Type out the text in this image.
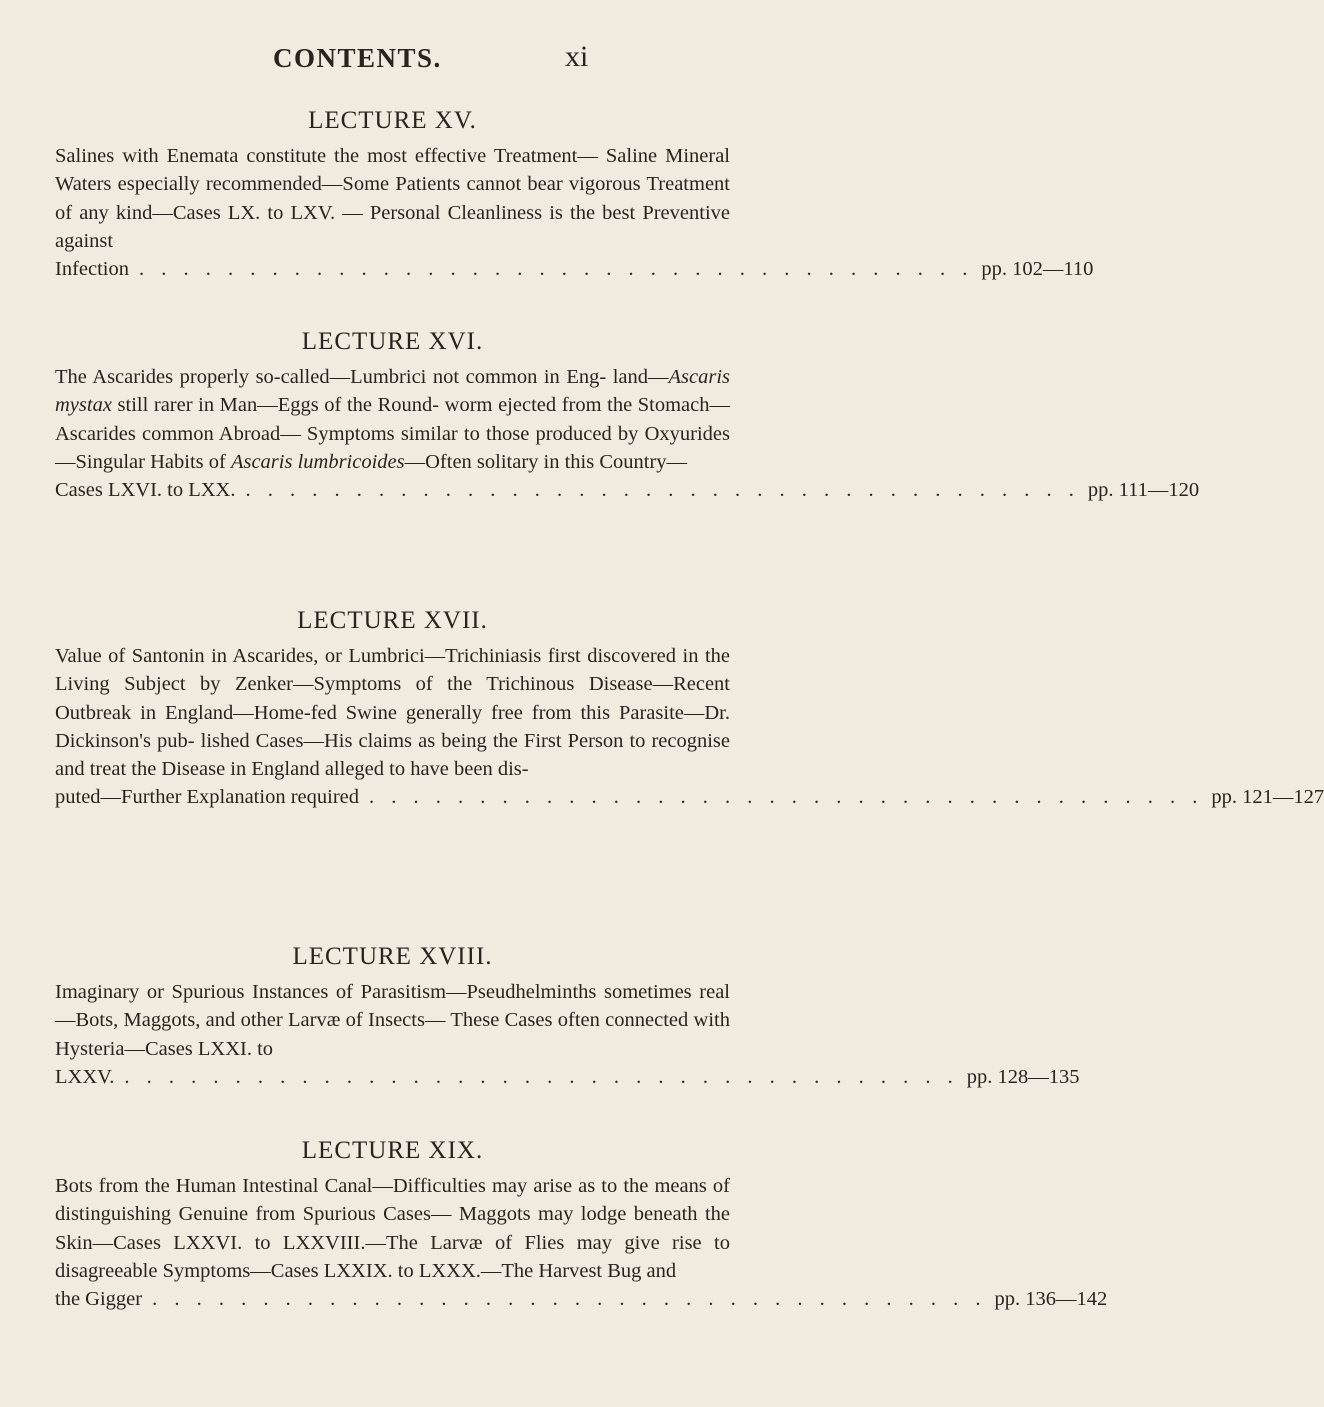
CONTENTS.	xi
LECTURE XV.

Salines with Enemata constitute the most effective Treatment— Saline Mineral Waters especially recommended—Some Patients cannot bear vigorous Treatment of any kind—Cases LX. to LXV. — Personal Cleanliness is the best Preventive against

Infection . . . . . . . . . . . . . . . . . . . . . . . . . . . . . . . . . . . . . . pp. 102—110
LECTURE XVI.

The Ascarides properly so-called—Lumbrici not common in Eng- land—Ascaris mystax still rarer in Man—Eggs of the Round- worm ejected from the Stomach—Ascarides common Abroad— Symptoms similar to those produced by Oxyurides—Singular Habits of Ascaris lumbricoides—Often solitary in this Country—

Cases LXVI. to LXX. . . . . . . . . . . . . . . . . . . . . . . . . . . . . . . . . . . . . . . pp. 111—120
LECTURE XVII.

Value of Santonin in Ascarides, or Lumbrici—Trichiniasis first discovered in the Living Subject by Zenker—Symptoms of the Trichinous Disease—Recent Outbreak in England—Home-fed Swine generally free from this Parasite—Dr. Dickinson's pub- lished Cases—His claims as being the First Person to recognise and treat the Disease in England alleged to have been dis-

puted—Further Explanation required . . . . . . . . . . . . . . . . . . . . . . . . . . . . . . . . . . . . . . pp. 121—127
LECTURE XVIII.

Imaginary or Spurious Instances of Parasitism—Pseudhelminths sometimes real—Bots, Maggots, and other Larvæ of Insects— These Cases often connected with Hysteria—Cases LXXI. to

LXXV. . . . . . . . . . . . . . . . . . . . . . . . . . . . . . . . . . . . . . . pp. 128—135
LECTURE XIX.

Bots from the Human Intestinal Canal—Difficulties may arise as to the means of distinguishing Genuine from Spurious Cases— Maggots may lodge beneath the Skin—Cases LXXVI. to LXXVIII.—The Larvæ of Flies may give rise to disagreeable Symptoms—Cases LXXIX. to LXXX.—The Harvest Bug and

the Gigger . . . . . . . . . . . . . . . . . . . . . . . . . . . . . . . . . . . . . . pp. 136—142
